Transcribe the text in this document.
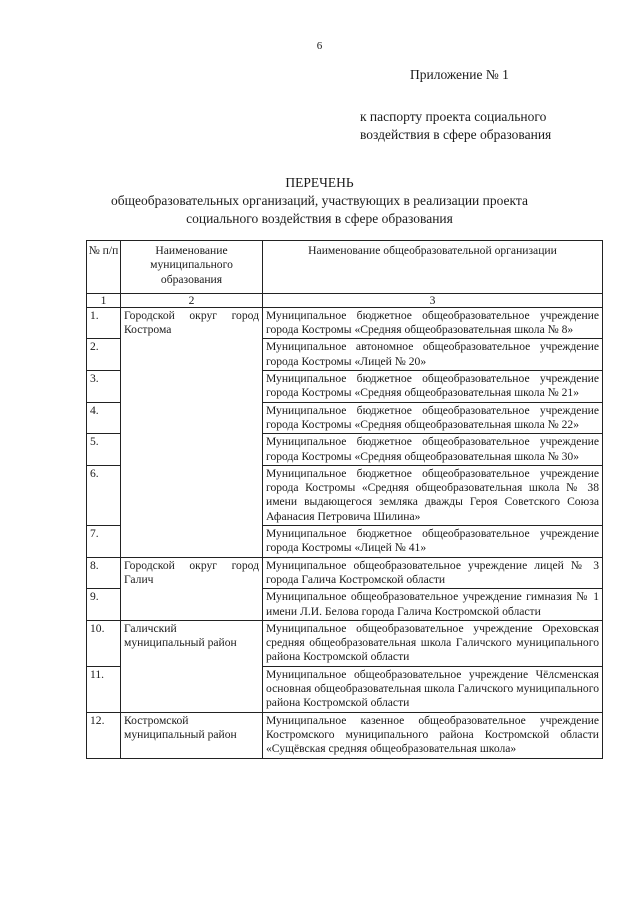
6
Приложение № 1
к паспорту проекта социального
воздействия в сфере образования
ПЕРЕЧЕНЬ
общеобразовательных организаций, участвующих в реализации проекта
социального воздействия в сфере образования
№ п/п	Наименование муниципального образования	Наименование общеобразовательной организации
1	2	3
1.	Городской округ город Кострома	Муниципальное бюджетное общеобразовательное учреждение города Костромы «Средняя общеобразовательная школа № 8»
2.		Муниципальное автономное общеобразовательное учреждение города Костромы «Лицей № 20»
3.		Муниципальное бюджетное общеобразовательное учреждение города Костромы «Средняя общеобразовательная школа № 21»
4.		Муниципальное бюджетное общеобразовательное учреждение города Костромы «Средняя общеобразовательная школа № 22»
5.		Муниципальное бюджетное общеобразовательное учреждение города Костромы «Средняя общеобразовательная школа № 30»
6.		Муниципальное бюджетное общеобразовательное учреждение города Костромы «Средняя общеобразовательная школа № 38 имени выдающегося земляка дважды Героя Советского Союза Афанасия Петровича Шилина»
7.		Муниципальное бюджетное общеобразовательное учреждение города Костромы «Лицей № 41»
8.	Городской округ город Галич	Муниципальное общеобразовательное учреждение лицей № 3 города Галича Костромской области
9.		Муниципальное общеобразовательное учреждение гимназия № 1 имени Л.И. Белова города Галича Костромской области
10.	Галичский муниципальный район	Муниципальное общеобразовательное учреждение Ореховская средняя общеобразовательная школа Галичского муниципального района Костромской области
11.		Муниципальное общеобразовательное учреждение Чёлсменская основная общеобразовательная школа Галичского муниципального района Костромской области
12.	Костромской муниципальный район	Муниципальное казенное общеобразовательное учреждение Костромского муниципального района Костромской области «Сущёвская средняя общеобразовательная школа»
